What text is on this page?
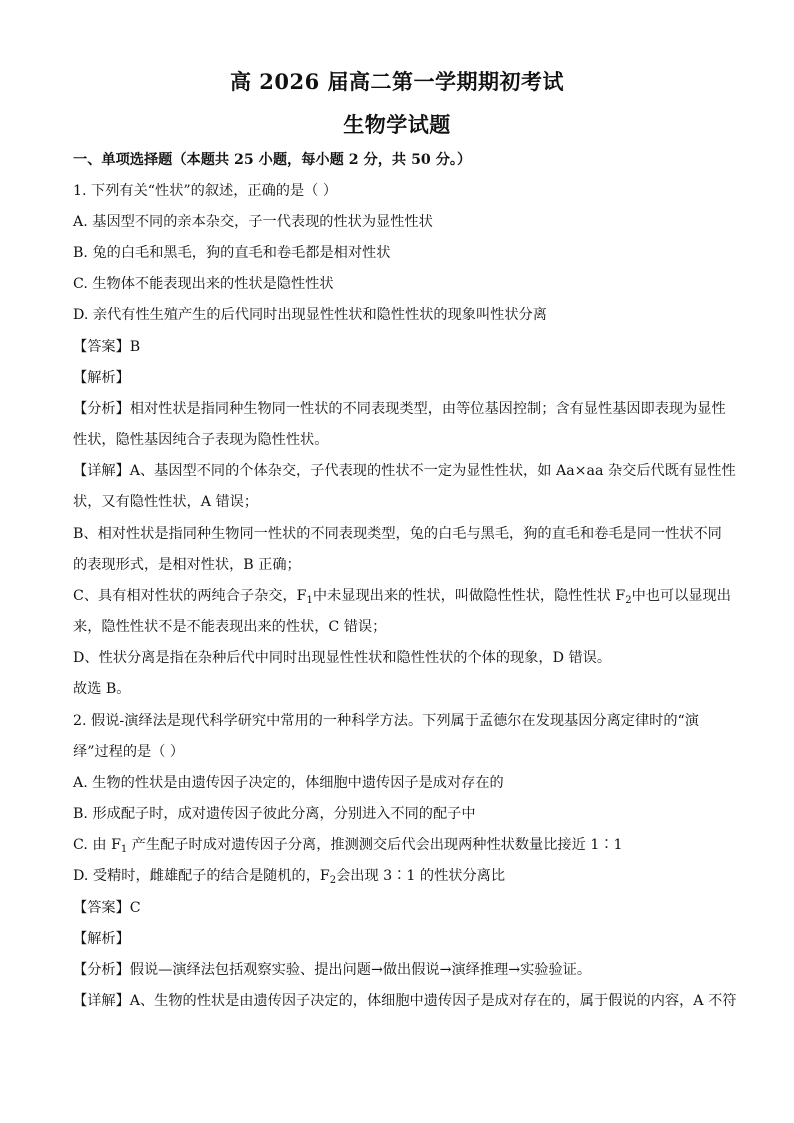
高 2026 届高二第一学期期初考试
生物学试题
一、单项选择题（本题共 25 小题，每小题 2 分，共 50 分。）
1. 下列有关“性状”的叙述，正确的是（ ）
A. 基因型不同的亲本杂交，子一代表现的性状为显性性状
B. 兔的白毛和黑毛，狗的直毛和卷毛都是相对性状
C. 生物体不能表现出来的性状是隐性性状
D. 亲代有性生殖产生的后代同时出现显性性状和隐性性状的现象叫性状分离
【答案】B
【解析】
【分析】相对性状是指同种生物同一性状的不同表现类型，由等位基因控制；含有显性基因即表现为显性
性状，隐性基因纯合子表现为隐性性状。
【详解】A、基因型不同的个体杂交，子代表现的性状不一定为显性性状，如 Aa×aa 杂交后代既有显性性
状，又有隐性性状，A 错误；
B、相对性状是指同种生物同一性状的不同表现类型，兔的白毛与黑毛，狗的直毛和卷毛是同一性状不同
的表现形式，是相对性状，B 正确；
C、具有相对性状的两纯合子杂交，$F_1$中未显现出来的性状，叫做隐性性状，隐性性状 $F_2$中也可以显现出
来，隐性性状不是不能表现出来的性状，C 错误；
D、性状分离是指在杂种后代中同时出现显性性状和隐性性状的个体的现象，D 错误。
故选 B。
2. 假说-演绎法是现代科学研究中常用的一种科学方法。下列属于孟德尔在发现基因分离定律时的“演
绎”过程的是（ ）
A. 生物的性状是由遗传因子决定的，体细胞中遗传因子是成对存在的
B. 形成配子时，成对遗传因子彼此分离，分别进入不同的配子中
C. 由 $F_1$ 产生配子时成对遗传因子分离，推测测交后代会出现两种性状数量比接近 1∶1
D. 受精时，雌雄配子的结合是随机的，$F_2$会出现 3∶1 的性状分离比
【答案】C
【解析】
【分析】假说—演绎法包括观察实验、提出问题→做出假说→演绎推理→实验验证。
【详解】A、生物的性状是由遗传因子决定的，体细胞中遗传因子是成对存在的，属于假说的内容，A 不符
